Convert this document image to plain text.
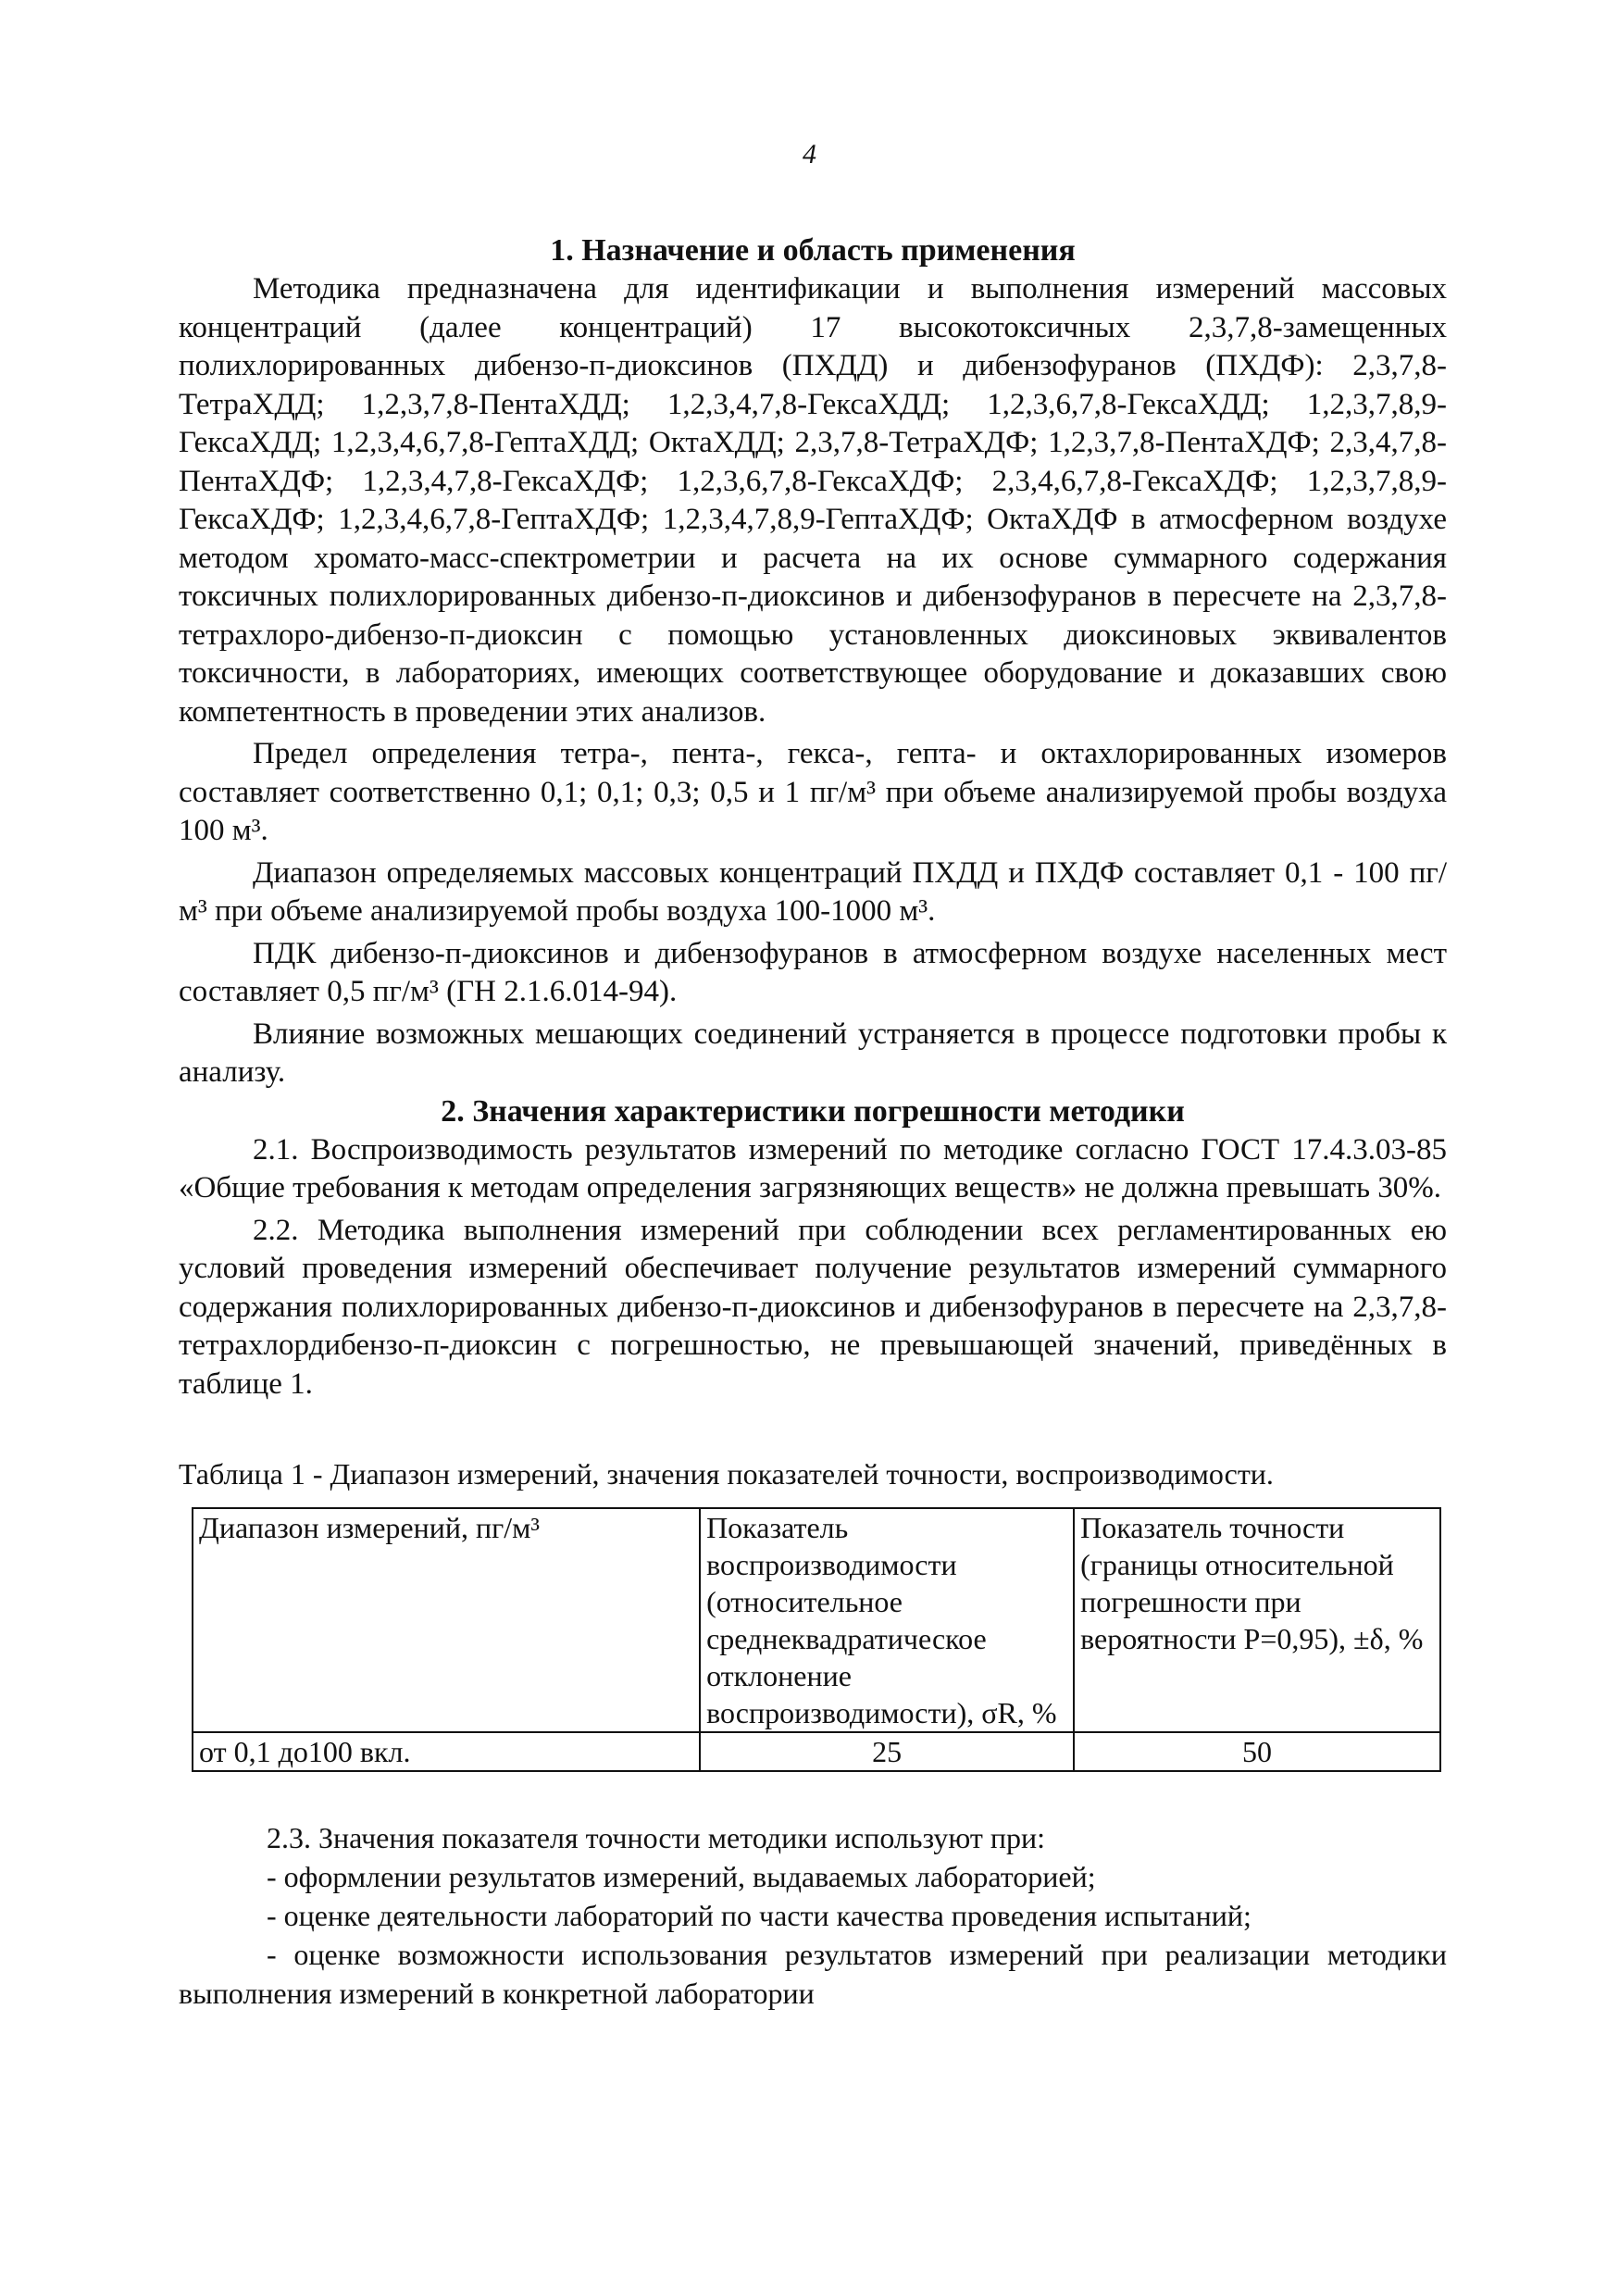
4
1. Назначение и область применения

Методика предназначена для идентификации и выполнения измерений массовых концентраций (далее концентраций) 17 высокотоксичных 2,3,7,8-замещенных полихлорированных дибензо-п-диоксинов (ПХДД) и дибензофуранов (ПХДФ): 2,3,7,8-ТетраХДД; 1,2,3,7,8-ПентаХДД; 1,2,3,4,7,8-ГексаХДД; 1,2,3,6,7,8-ГексаХДД; 1,2,3,7,8,9-ГексаХДД; 1,2,3,4,6,7,8-ГептаХДД; ОктаХДД; 2,3,7,8-ТетраХДФ; 1,2,3,7,8-ПентаХДФ; 2,3,4,7,8-ПентаХДФ; 1,2,3,4,7,8-ГексаХДФ; 1,2,3,6,7,8-ГексаХДФ; 2,3,4,6,7,8-ГексаХДФ; 1,2,3,7,8,9-ГексаХДФ; 1,2,3,4,6,7,8-ГептаХДФ; 1,2,3,4,7,8,9-ГептаХДФ; ОктаХДФ в атмосферном воздухе методом хромато-масс-спектрометрии и расчета на их основе суммарного содержания токсичных полихлорированных дибензо-п-диоксинов и дибензофуранов в пересчете на 2,3,7,8-тетрахлоро-дибензо-п-диоксин с помощью установленных диоксиновых эквивалентов токсичности, в лабораториях, имеющих соответствующее оборудование и доказавших свою компетентность в проведении этих анализов.

Предел определения тетра-, пента-, гекса-, гепта- и октахлорированных изомеров составляет соответственно 0,1; 0,1; 0,3; 0,5 и 1 пг/м³ при объеме анализируемой пробы воздуха 100 м³.

Диапазон определяемых массовых концентраций ПХДД и ПХДФ составляет 0,1 - 100 пг/м³ при объеме анализируемой пробы воздуха 100-1000 м³.

ПДК дибензо-п-диоксинов и дибензофуранов в атмосферном воздухе населенных мест составляет 0,5 пг/м³ (ГН 2.1.6.014-94).

Влияние возможных мешающих соединений устраняется в процессе подготовки пробы к анализу.

2. Значения характеристики погрешности методики

2.1. Воспроизводимость результатов измерений по методике согласно ГОСТ 17.4.3.03-85 «Общие требования к методам определения загрязняющих веществ» не должна превышать 30%.

2.2. Методика выполнения измерений при соблюдении всех регламентированных ею условий проведения измерений обеспечивает получение результатов измерений суммарного содержания полихлорированных дибензо-п-диоксинов и дибензофуранов в пересчете на 2,3,7,8-тетрахлордибензо-п-диоксин с погрешностью, не превышающей значений, приведённых в таблице 1.

Таблица 1 - Диапазон измерений, значения показателей точности, воспроизводимости.
Диапазон измерений, пг/м³	Показатель воспроизводимости (относительное среднеквадратическое отклонение воспроизводимости), σR, %	Показатель точности (границы относительной погрешности при вероятности P=0,95), ±δ, %
от 0,1 до100 вкл.	25	50

2.3. Значения показателя точности методики используют при:

- оформлении результатов измерений, выдаваемых лабораторией;

- оценке деятельности лабораторий по части качества проведения испытаний;

- оценке возможности использования результатов измерений при реализации методики выполнения измерений в конкретной лаборатории
